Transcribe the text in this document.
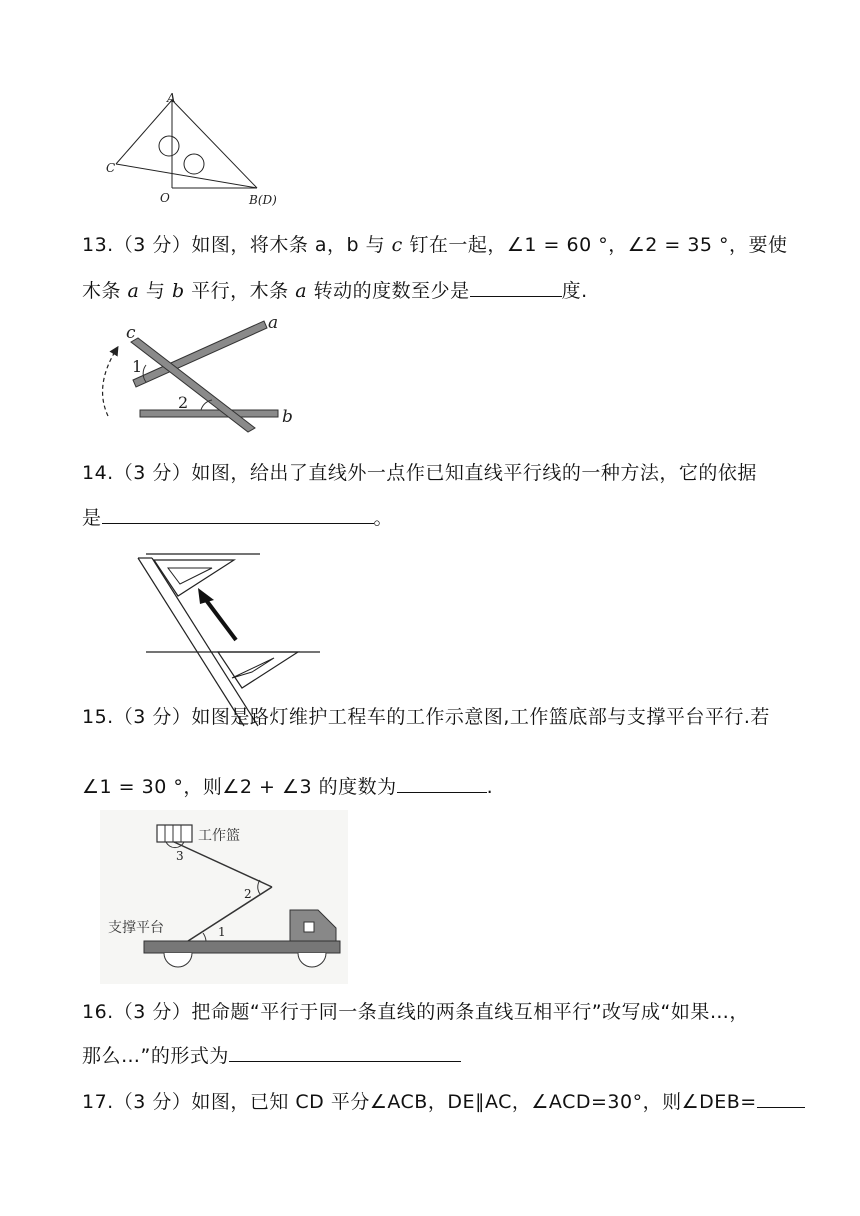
A
C
O	B(D)
13.（3 分）如图，将木条 a，b 与 c 钉在一起，∠1 = 60 °，∠2 = 35 °，要使
木条 a 与 b 平行，木条 a 转动的度数至少是	度.
c	a
b
1
2
14.（3 分）如图，给出了直线外一点作已知直线平行线的一种方法，它的依据
是	。
15.（3 分）如图是路灯维护工程车的工作示意图,工作篮底部与支撑平台平行.若
∠1 = 30 °，则∠2 + ∠3 的度数为	.
工作篮
3
2
1
支撑平台
16.（3 分）把命题“平行于同一条直线的两条直线互相平行”改写成“如果…，
那么…”的形式为
17.（3 分）如图，已知 CD 平分∠ACB，DE∥AC，∠ACD=30°，则∠DEB=
